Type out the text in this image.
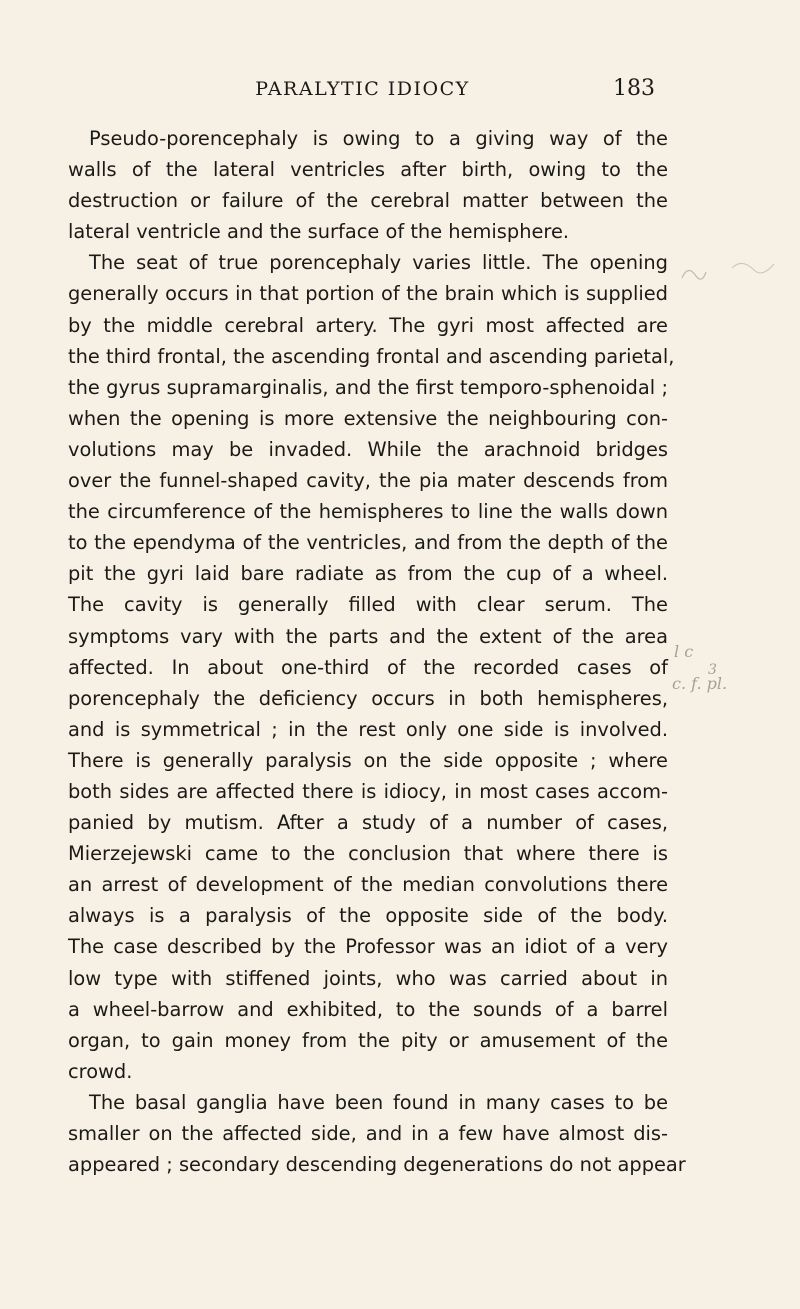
PARALYTIC IDIOCY	183
Pseudo-porencephaly is owing to a giving way of the
walls of the lateral ventricles after birth, owing to the
destruction or failure of the cerebral matter between the
lateral ventricle and the surface of the hemisphere.
The seat of true porencephaly varies little. The opening
generally occurs in that portion of the brain which is supplied
by the middle cerebral artery. The gyri most affected are
the third frontal, the ascending frontal and ascending parietal,
the gyrus supramarginalis, and the first temporo-sphenoidal ;
when the opening is more extensive the neighbouring con-
volutions may be invaded. While the arachnoid bridges
over the funnel-shaped cavity, the pia mater descends from
the circumference of the hemispheres to line the walls down
to the ependyma of the ventricles, and from the depth of the
pit the gyri laid bare radiate as from the cup of a wheel.
The cavity is generally filled with clear serum. The
symptoms vary with the parts and the extent of the area
affected. In about one-third of the recorded cases of
porencephaly the deficiency occurs in both hemispheres,
and is symmetrical ; in the rest only one side is involved.
There is generally paralysis on the side opposite ; where
both sides are affected there is idiocy, in most cases accom-
panied by mutism. After a study of a number of cases,
Mierzejewski came to the conclusion that where there is
an arrest of development of the median convolutions there
always is a paralysis of the opposite side of the body.
The case described by the Professor was an idiot of a very
low type with stiffened joints, who was carried about in
a wheel-barrow and exhibited, to the sounds of a barrel
organ, to gain money from the pity or amusement of the
crowd.
The basal ganglia have been found in many cases to be
smaller on the affected side, and in a few have almost dis-
appeared ; secondary descending degenerations do not appear
l c
3
c. f. pl.
